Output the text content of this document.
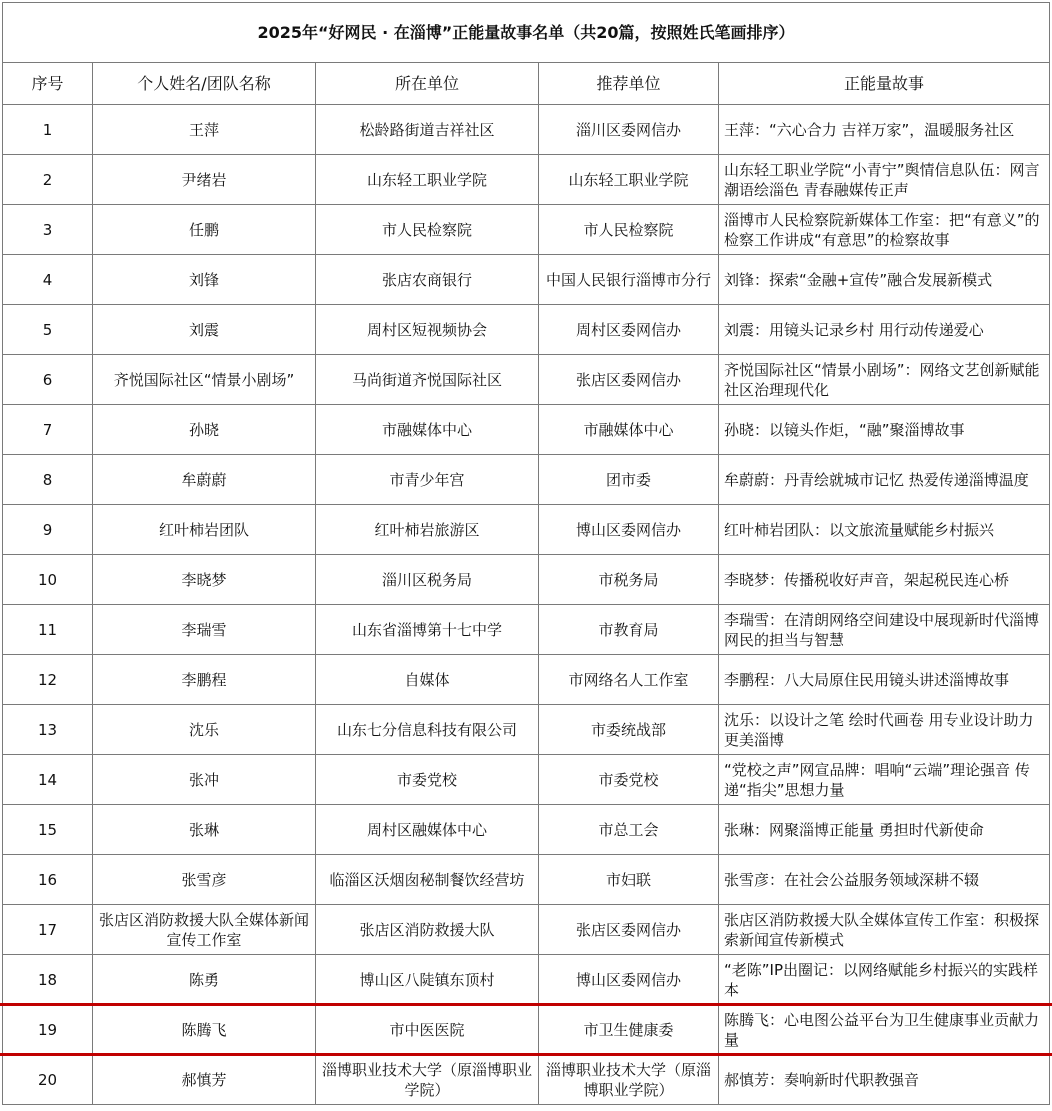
2025年“好网民 · 在淄博”正能量故事名单（共20篇，按照姓氏笔画排序）				
序号	个人姓名/团队名称	所在单位	推荐单位	正能量故事
1	王萍	松龄路街道吉祥社区	淄川区委网信办	王萍：“六心合力 吉祥万家”，温暖服务社区
2	尹绪岩	山东轻工职业学院	山东轻工职业学院	山东轻工职业学院“小青宁”舆情信息队伍：网言潮语绘淄色 青春融媒传正声
3	任鹏	市人民检察院	市人民检察院	淄博市人民检察院新媒体工作室：把“有意义”的检察工作讲成“有意思”的检察故事
4	刘锋	张店农商银行	中国人民银行淄博市分行	刘锋：探索“金融+宣传”融合发展新模式
5	刘震	周村区短视频协会	周村区委网信办	刘震：用镜头记录乡村 用行动传递爱心
6	齐悦国际社区“情景小剧场”	马尚街道齐悦国际社区	张店区委网信办	齐悦国际社区“情景小剧场”：网络文艺创新赋能社区治理现代化
7	孙晓	市融媒体中心	市融媒体中心	孙晓：以镜头作炬，“融”聚淄博故事
8	牟蔚蔚	市青少年宫	团市委	牟蔚蔚：丹青绘就城市记忆 热爱传递淄博温度
9	红叶柿岩团队	红叶柿岩旅游区	博山区委网信办	红叶柿岩团队：以文旅流量赋能乡村振兴
10	李晓梦	淄川区税务局	市税务局	李晓梦：传播税收好声音，架起税民连心桥
11	李瑞雪	山东省淄博第十七中学	市教育局	李瑞雪：在清朗网络空间建设中展现新时代淄博网民的担当与智慧
12	李鹏程	自媒体	市网络名人工作室	李鹏程：八大局原住民用镜头讲述淄博故事
13	沈乐	山东七分信息科技有限公司	市委统战部	沈乐：以设计之笔 绘时代画卷 用专业设计助力更美淄博
14	张冲	市委党校	市委党校	“党校之声”网宣品牌：唱响“云端”理论强音 传递“指尖”思想力量
15	张琳	周村区融媒体中心	市总工会	张琳：网聚淄博正能量 勇担时代新使命
16	张雪彦	临淄区沃烟囱秘制餐饮经营坊	市妇联	张雪彦：在社会公益服务领域深耕不辍
17	张店区消防救援大队全媒体新闻宣传工作室	张店区消防救援大队	张店区委网信办	张店区消防救援大队全媒体宣传工作室：积极探索新闻宣传新模式
18	陈勇	博山区八陡镇东顶村	博山区委网信办	“老陈”IP出圈记：以网络赋能乡村振兴的实践样本
19	陈腾飞	市中医医院	市卫生健康委	陈腾飞：心电图公益平台为卫生健康事业贡献力量
20	郝慎芳	淄博职业技术大学（原淄博职业学院）	淄博职业技术大学（原淄博职业学院）	郝慎芳：奏响新时代职教强音
